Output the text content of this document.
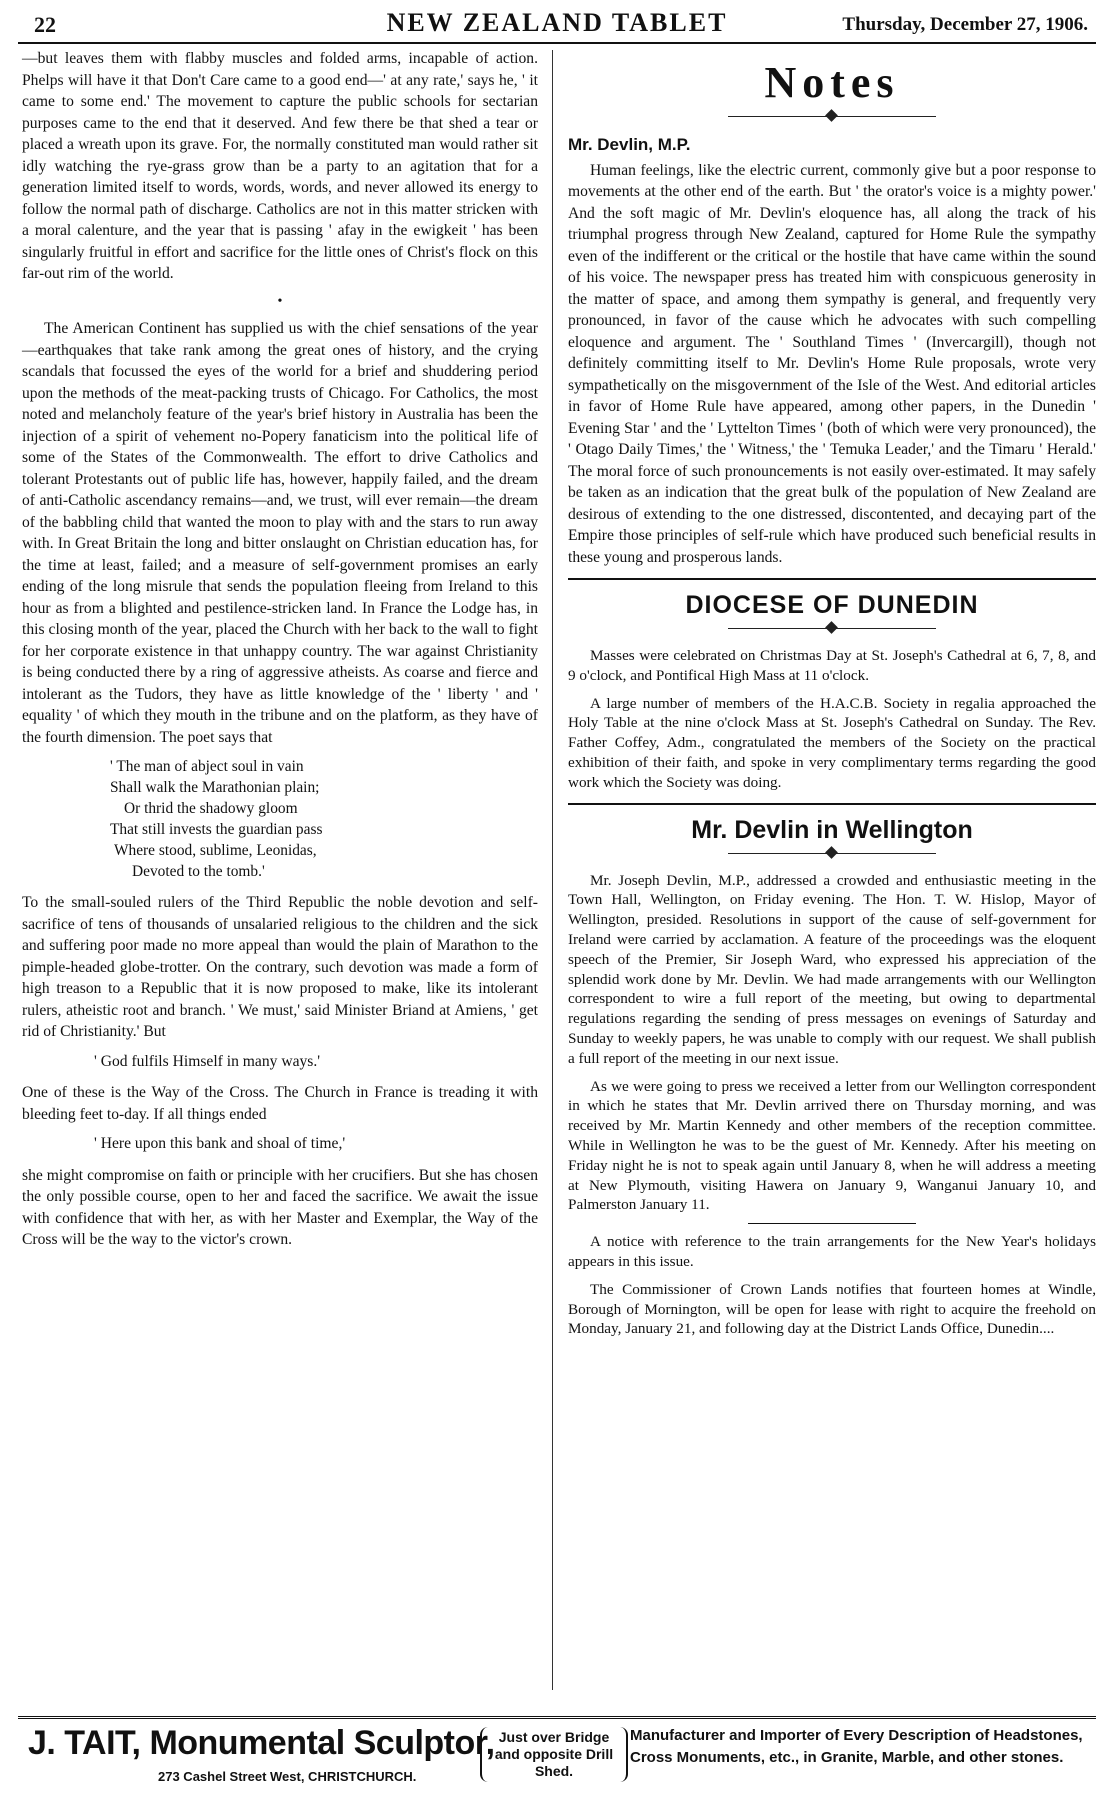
22	NEW ZEALAND TABLET	Thursday, December 27, 1906.

—but leaves them with flabby muscles and folded arms, incapable of action. Phelps will have it that Don't Care came to a good end—' at any rate,' says he, ' it came to some end.' The movement to capture the public schools for sectarian purposes came to the end that it deserved. And few there be that shed a tear or placed a wreath upon its grave. For, the normally constituted man would rather sit idly watching the rye-grass grow than be a party to an agitation that for a generation limited itself to words, words, words, and never allowed its energy to follow the normal path of discharge. Catholics are not in this matter stricken with a moral calenture, and the year that is passing ' afay in the ewigkeit ' has been singularly fruitful in effort and sacrifice for the little ones of Christ's flock on this far-out rim of the world.

•

The American Continent has supplied us with the chief sensations of the year—earthquakes that take rank among the great ones of history, and the crying scandals that focussed the eyes of the world for a brief and shuddering period upon the methods of the meat-packing trusts of Chicago. For Catholics, the most noted and melancholy feature of the year's brief history in Australia has been the injection of a spirit of vehement no-Popery fanaticism into the political life of some of the States of the Commonwealth. The effort to drive Catholics and tolerant Protestants out of public life has, however, happily failed, and the dream of anti-Catholic ascendancy remains—and, we trust, will ever remain—the dream of the babbling child that wanted the moon to play with and the stars to run away with. In Great Britain the long and bitter onslaught on Christian education has, for the time at least, failed; and a measure of self-government promises an early ending of the long misrule that sends the population fleeing from Ireland to this hour as from a blighted and pestilence-stricken land. In France the Lodge has, in this closing month of the year, placed the Church with her back to the wall to fight for her corporate existence in that unhappy country. The war against Christianity is being conducted there by a ring of aggressive atheists. As coarse and fierce and intolerant as the Tudors, they have as little knowledge of the ' liberty ' and ' equality ' of which they mouth in the tribune and on the platform, as they have of the fourth dimension. The poet says that

' The man of abject soul in vain
Shall walk the Marathonian plain;
Or thrid the shadowy gloom
That still invests the guardian pass
Where stood, sublime, Leonidas,
Devoted to the tomb.'

To the small-souled rulers of the Third Republic the noble devotion and self-sacrifice of tens of thousands of unsalaried religious to the children and the sick and suffering poor made no more appeal than would the plain of Marathon to the pimple-headed globe-trotter. On the contrary, such devotion was made a form of high treason to a Republic that it is now proposed to make, like its intolerant rulers, atheistic root and branch. ' We must,' said Minister Briand at Amiens, ' get rid of Christianity.' But

' God fulfils Himself in many ways.'

One of these is the Way of the Cross. The Church in France is treading it with bleeding feet to-day. If all things ended

' Here upon this bank and shoal of time,'

she might compromise on faith or principle with her crucifiers. But she has chosen the only possible course, open to her and faced the sacrifice. We await the issue with confidence that with her, as with her Master and Exemplar, the Way of the Cross will be the way to the victor's crown.

Notes
Mr. Devlin, M.P.

Human feelings, like the electric current, commonly give but a poor response to movements at the other end of the earth. But ' the orator's voice is a mighty power.' And the soft magic of Mr. Devlin's eloquence has, all along the track of his triumphal progress through New Zealand, captured for Home Rule the sympathy even of the indifferent or the critical or the hostile that have came within the sound of his voice. The newspaper press has treated him with conspicuous generosity in the matter of space, and among them sympathy is general, and frequently very pronounced, in favor of the cause which he advocates with such compelling eloquence and argument. The ' Southland Times ' (Invercargill), though not definitely committing itself to Mr. Devlin's Home Rule proposals, wrote very sympathetically on the misgovernment of the Isle of the West. And editorial articles in favor of Home Rule have appeared, among other papers, in the Dunedin ' Evening Star ' and the ' Lyttelton Times ' (both of which were very pronounced), the ' Otago Daily Times,' the ' Witness,' the ' Temuka Leader,' and the Timaru ' Herald.' The moral force of such pronouncements is not easily over-estimated. It may safely be taken as an indication that the great bulk of the population of New Zealand are desirous of extending to the one distressed, discontented, and decaying part of the Empire those principles of self-rule which have produced such beneficial results in these young and prosperous lands.

DIOCESE OF DUNEDIN

Masses were celebrated on Christmas Day at St. Joseph's Cathedral at 6, 7, 8, and 9 o'clock, and Pontifical High Mass at 11 o'clock.

A large number of members of the H.A.C.B. Society in regalia approached the Holy Table at the nine o'clock Mass at St. Joseph's Cathedral on Sunday. The Rev. Father Coffey, Adm., congratulated the members of the Society on the practical exhibition of their faith, and spoke in very complimentary terms regarding the good work which the Society was doing.

Mr. Devlin in Wellington

Mr. Joseph Devlin, M.P., addressed a crowded and enthusiastic meeting in the Town Hall, Wellington, on Friday evening. The Hon. T. W. Hislop, Mayor of Wellington, presided. Resolutions in support of the cause of self-government for Ireland were carried by acclamation. A feature of the proceedings was the eloquent speech of the Premier, Sir Joseph Ward, who expressed his appreciation of the splendid work done by Mr. Devlin. We had made arrangements with our Wellington correspondent to wire a full report of the meeting, but owing to departmental regulations regarding the sending of press messages on evenings of Saturday and Sunday to weekly papers, he was unable to comply with our request. We shall publish a full report of the meeting in our next issue.

As we were going to press we received a letter from our Wellington correspondent in which he states that Mr. Devlin arrived there on Thursday morning, and was received by Mr. Martin Kennedy and other members of the reception committee. While in Wellington he was to be the guest of Mr. Kennedy. After his meeting on Friday night he is not to speak again until January 8, when he will address a meeting at New Plymouth, visiting Hawera on January 9, Wanganui January 10, and Palmerston January 11.

A notice with reference to the train arrangements for the New Year's holidays appears in this issue.

The Commissioner of Crown Lands notifies that fourteen homes at Windle, Borough of Mornington, will be open for lease with right to acquire the freehold on Monday, January 21, and following day at the District Lands Office, Dunedin....

J. TAIT, Monumental Sculptor,
273 Cashel Street West, CHRISTCHURCH.
Just over Bridge and opposite Drill Shed.
Manufacturer and Importer of Every Description of Headstones, Cross Monuments, etc., in Granite, Marble, and other stones.
